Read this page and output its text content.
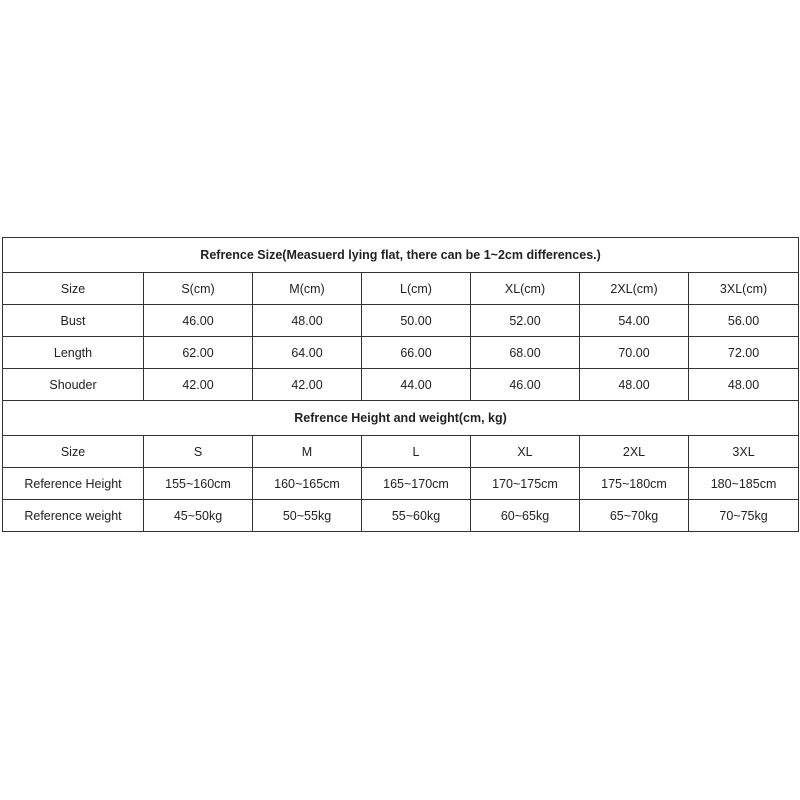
Refrence Size(Measuerd lying flat, there can be 1~2cm differences.)						
Size	S(cm)	M(cm)	L(cm)	XL(cm)	2XL(cm)	3XL(cm)
Bust	46.00	48.00	50.00	52.00	54.00	56.00
Length	62.00	64.00	66.00	68.00	70.00	72.00
Shouder	42.00	42.00	44.00	46.00	48.00	48.00
Refrence Height and weight(cm, kg)						
Size	S	M	L	XL	2XL	3XL
Reference Height	155~160cm	160~165cm	165~170cm	170~175cm	175~180cm	180~185cm
Reference weight	45~50kg	50~55kg	55~60kg	60~65kg	65~70kg	70~75kg
